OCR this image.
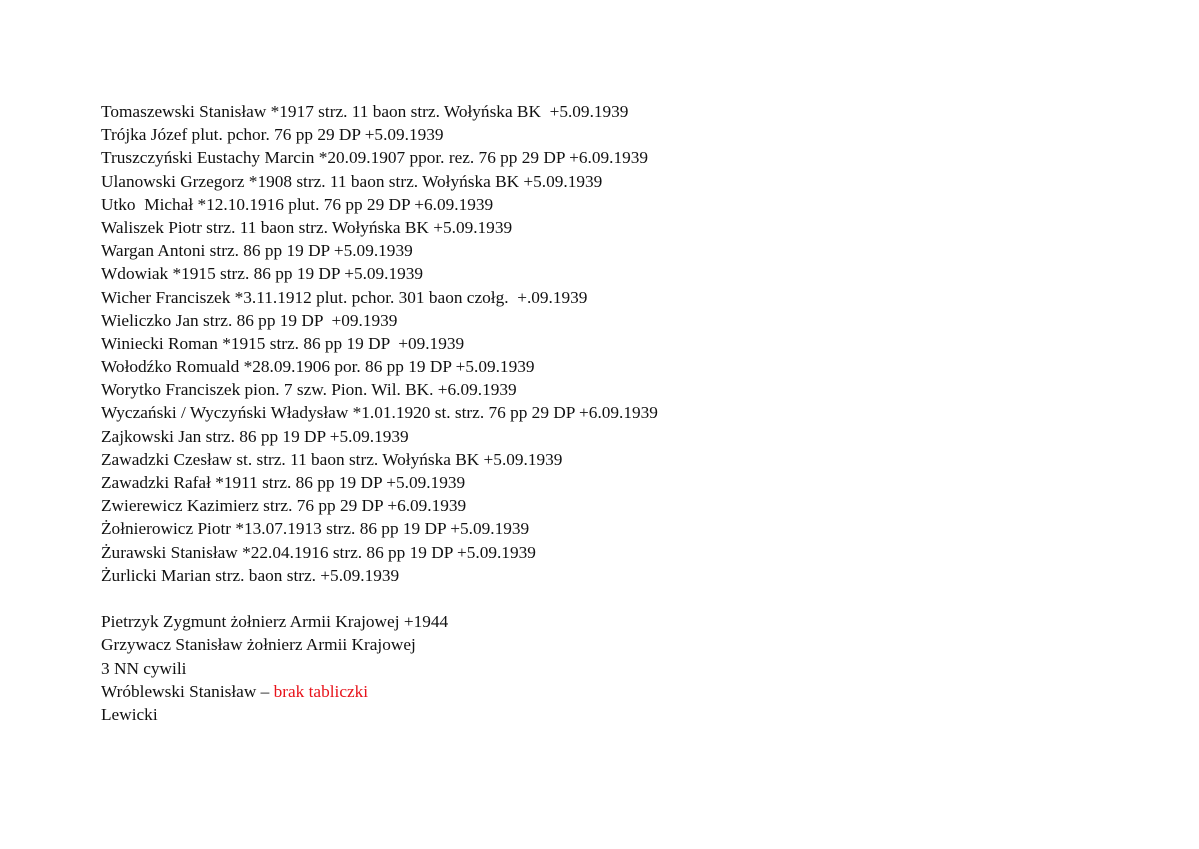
Tomaszewski Stanisław *1917 strz. 11 baon strz. Wołyńska BK  +5.09.1939
Trójka Józef plut. pchor. 76 pp 29 DP +5.09.1939
Truszczyński Eustachy Marcin *20.09.1907 ppor. rez. 76 pp 29 DP +6.09.1939
Ulanowski Grzegorz *1908 strz. 11 baon strz. Wołyńska BK +5.09.1939
Utko  Michał *12.10.1916 plut. 76 pp 29 DP +6.09.1939
Waliszek Piotr strz. 11 baon strz. Wołyńska BK +5.09.1939
Wargan Antoni strz. 86 pp 19 DP +5.09.1939
Wdowiak *1915 strz. 86 pp 19 DP +5.09.1939
Wicher Franciszek *3.11.1912 plut. pchor. 301 baon czołg.  +.09.1939
Wieliczko Jan strz. 86 pp 19 DP  +09.1939
Winiecki Roman *1915 strz. 86 pp 19 DP  +09.1939
Wołodźko Romuald *28.09.1906 por. 86 pp 19 DP +5.09.1939
Worytko Franciszek pion. 7 szw. Pion. Wil. BK. +6.09.1939
Wyczański / Wyczyński Władysław *1.01.1920 st. strz. 76 pp 29 DP +6.09.1939
Zajkowski Jan strz. 86 pp 19 DP +5.09.1939
Zawadzki Czesław st. strz. 11 baon strz. Wołyńska BK +5.09.1939
Zawadzki Rafał *1911 strz. 86 pp 19 DP +5.09.1939
Zwierewicz Kazimierz strz. 76 pp 29 DP +6.09.1939
Żołnierowicz Piotr *13.07.1913 strz. 86 pp 19 DP +5.09.1939
Żurawski Stanisław *22.04.1916 strz. 86 pp 19 DP +5.09.1939
Żurlicki Marian strz. baon strz. +5.09.1939
Pietrzyk Zygmunt żołnierz Armii Krajowej +1944
Grzywacz Stanisław żołnierz Armii Krajowej
3 NN cywili
Wróblewski Stanisław – brak tabliczki
Lewicki
